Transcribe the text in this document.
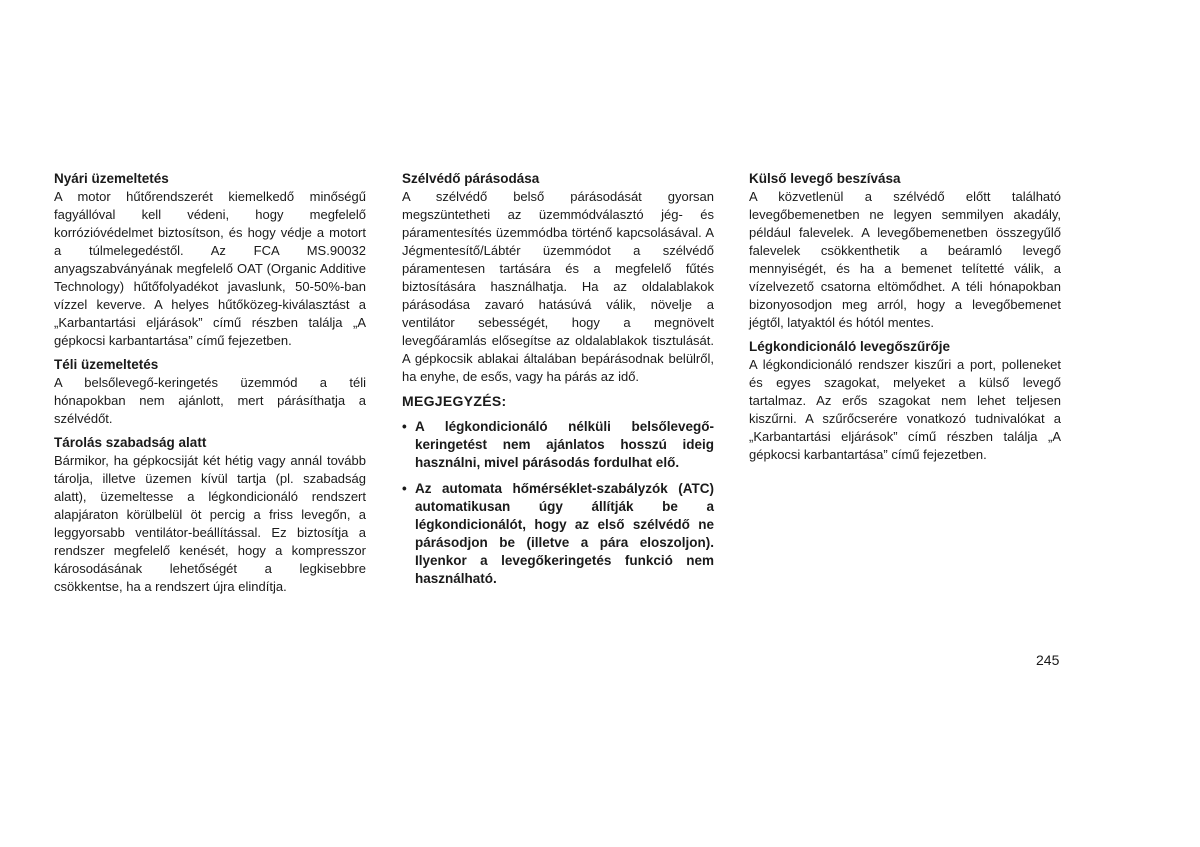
Nyári üzemeltetés

A motor hűtőrendszerét kiemelkedő minőségű fagyállóval kell védeni, hogy megfelelő korrózióvédelmet biztosítson, és hogy védje a motort a túlmelegedéstől. Az FCA MS.90032 anyagszabványának megfelelő OAT (Organic Additive Technology) hűtőfolyadékot javaslunk, 50-50%-ban vízzel keverve. A helyes hűtőközeg-kiválasztást a „Karbantartási eljárások” című részben találja „A gépkocsi karbantartása” című fejezetben.

Téli üzemeltetés

A belsőlevegő-keringetés üzemmód a téli hónapokban nem ajánlott, mert párásíthatja a szélvédőt.

Tárolás szabadság alatt

Bármikor, ha gépkocsiját két hétig vagy annál tovább tárolja, illetve üzemen kívül tartja (pl. szabadság alatt), üzemeltesse a légkondicionáló rendszert alapjáraton körülbelül öt percig a friss levegőn, a leggyorsabb ventilátor-beállítással. Ez biztosítja a rendszer megfelelő kenését, hogy a kompresszor károsodásának lehetőségét a legkisebbre csökkentse, ha a rendszert újra elindítja.

Szélvédő párásodása

A szélvédő belső párásodását gyorsan megszüntetheti az üzemmódválasztó jég- és páramentesítés üzemmódba történő kapcsolásával. A Jégmentesítő/Lábtér üzemmódot a szélvédő páramentesen tartására és a megfelelő fűtés biztosítására használhatja. Ha az oldalablakok párásodása zavaró hatásúvá válik, növelje a ventilátor sebességét, hogy a megnövelt levegőáramlás elősegítse az oldalablakok tisztulását. A gépkocsik ablakai általában bepárásodnak belülről, ha enyhe, de esős, vagy ha párás az idő.

MEGJEGYZÉS:

• A légkondicionáló nélküli belsőlevegő-keringetést nem ajánlatos hosszú ideig használni, mivel párásodás fordulhat elő.
• Az automata hőmérséklet-szabályzók (ATC) automatikusan úgy állítják be a légkondicionálót, hogy az első szélvédő ne párásodjon be (illetve a pára eloszoljon). Ilyenkor a levegőkeringetés funkció nem használható.

Külső levegő beszívása

A közvetlenül a szélvédő előtt található levegőbemenetben ne legyen semmilyen akadály, például falevelek. A levegőbemenetben összegyűlő falevelek csökkenthetik a beáramló levegő mennyiségét, és ha a bemenet telítetté válik, a vízelvezető csatorna eltömődhet. A téli hónapokban bizonyosodjon meg arról, hogy a levegőbemenet jégtől, latyaktól és hótól mentes.

Légkondicionáló levegőszűrője

A légkondicionáló rendszer kiszűri a port, polleneket és egyes szagokat, melyeket a külső levegő tartalmaz. Az erős szagokat nem lehet teljesen kiszűrni. A szűrőcserére vonatkozó tudnivalókat a „Karbantartási eljárások” című részben találja „A gépkocsi karbantartása” című fejezetben.

245
